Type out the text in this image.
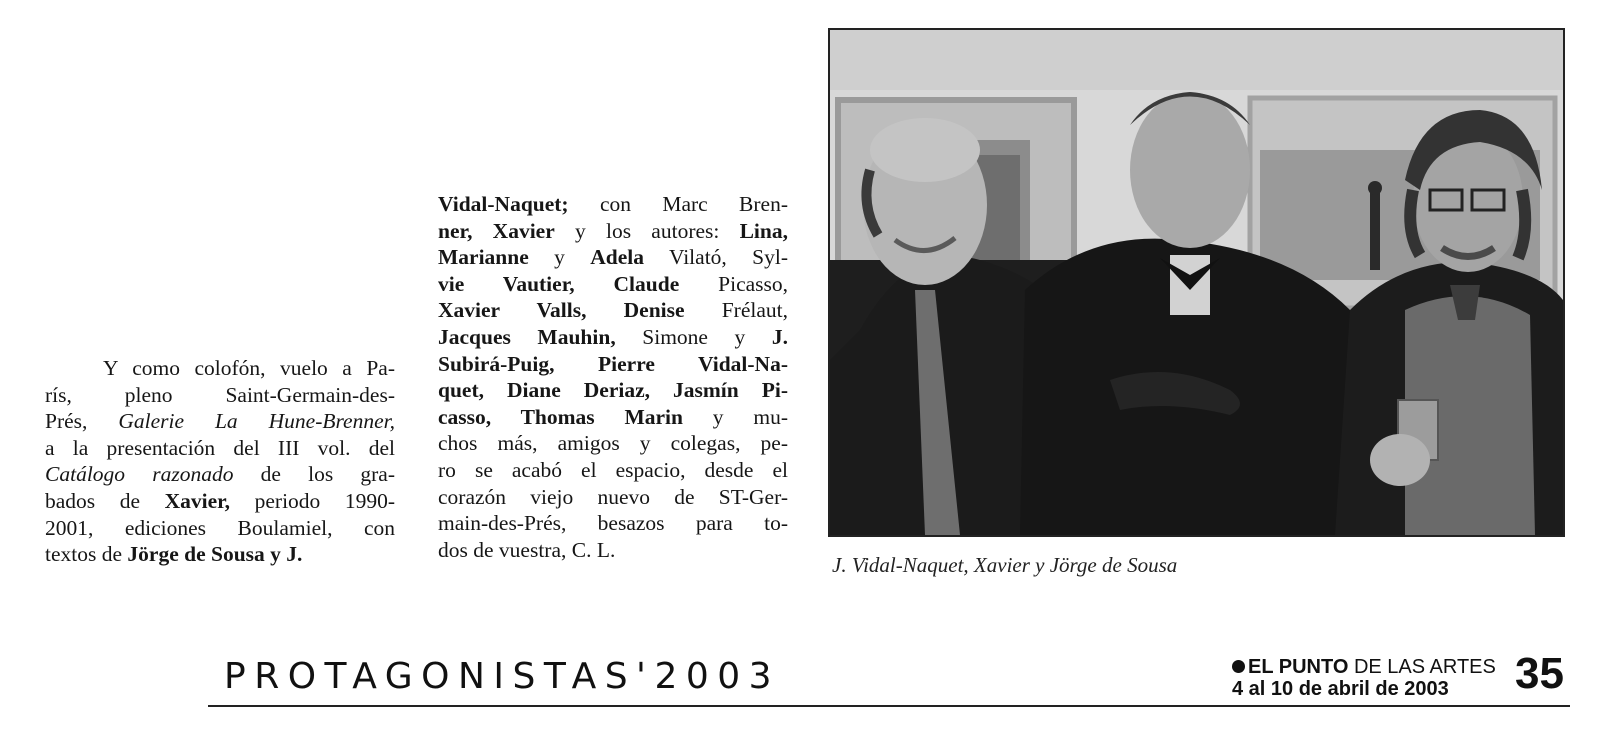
Y como colofón, vuelo a Pa-
rís, pleno Saint-Germain-des-
Prés, Galerie La Hune-Brenner,
a la presentación del III vol. del
Catálogo razonado de los gra-
bados de Xavier, periodo 1990-
2001, ediciones Boulamiel, con
textos de Jörge de Sousa y J.
Vidal-Naquet; con Marc Bren-
ner, Xavier y los autores: Lina,
Marianne y Adela Vilató, Syl-
vie Vautier, Claude Picasso,
Xavier Valls, Denise Frélaut,
Jacques Mauhin, Simone y J.
Subirá-Puig, Pierre Vidal-Na-
quet, Diane Deriaz, Jasmín Pi-
casso, Thomas Marin y mu-
chos más, amigos y colegas, pe-
ro se acabó el espacio, desde el
corazón viejo nuevo de ST-Ger-
main-des-Prés, besazos para to-
dos de vuestra, C. L.
J. Vidal-Naquet, Xavier y Jörge de Sousa
PROTAGONISTAS'2003	EL PUNTO DE LAS ARTES
4 al 10 de abril de 2003	35
